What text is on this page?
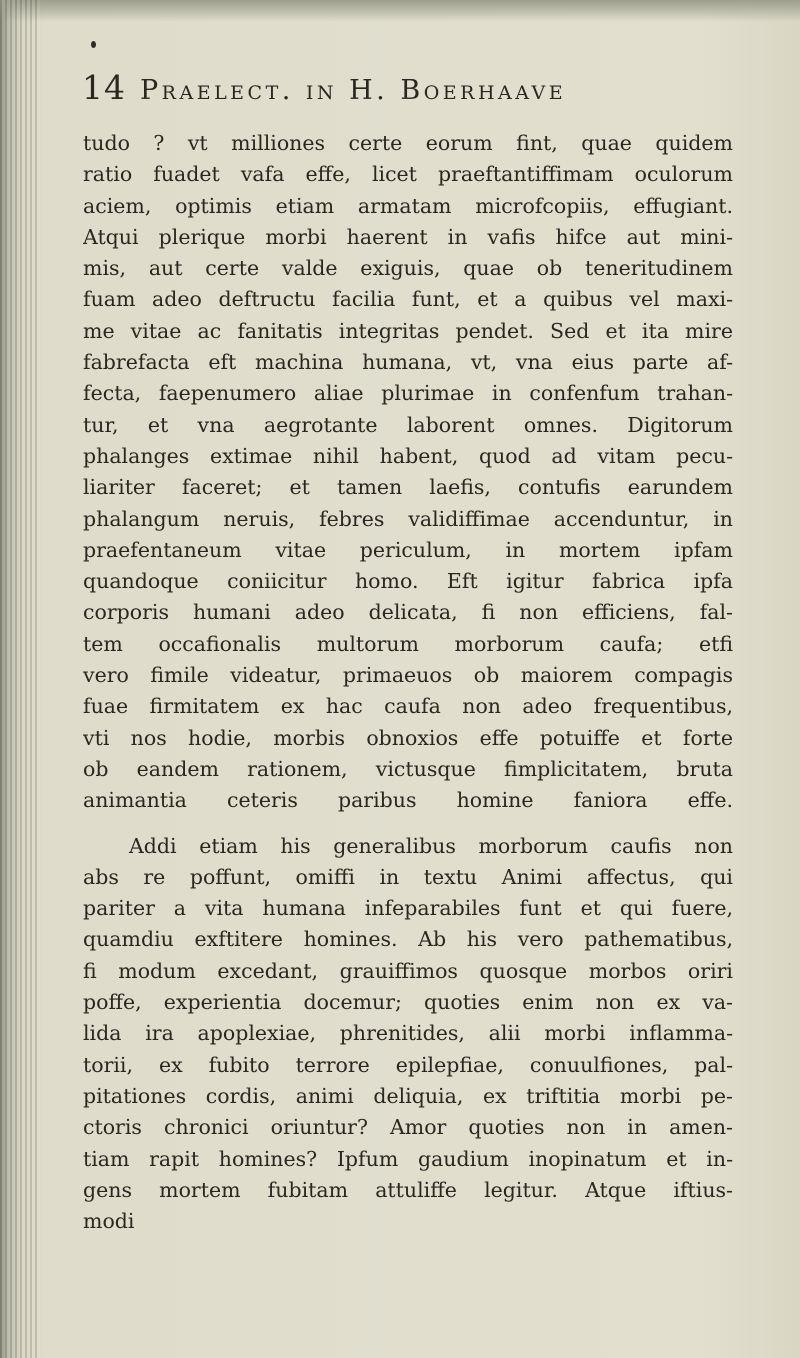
14 Praelect. in H. Boerhaave
tudo ? vt milliones certe eorum fint, quae quidem
ratio fuadet vafa effe, licet praeftantiffimam oculorum
aciem, optimis etiam armatam microfcopiis, effugiant.
Atqui plerique morbi haerent in vafis hifce aut mini-
mis, aut certe valde exiguis, quae ob teneritudinem
fuam adeo deftructu facilia funt, et a quibus vel maxi-
me vitae ac fanitatis integritas pendet. Sed et ita mire
fabrefacta eft machina humana, vt, vna eius parte af-
fecta, faepenumero aliae plurimae in confenfum trahan-
tur, et vna aegrotante laborent omnes. Digitorum
phalanges extimae nihil habent, quod ad vitam pecu-
liariter faceret; et tamen laefis, contufis earundem
phalangum neruis, febres validiffimae accenduntur, in
praefentaneum vitae periculum, in mortem ipfam
quandoque coniicitur homo. Eft igitur fabrica ipfa
corporis humani adeo delicata, fi non efficiens, fal-
tem occafionalis multorum morborum caufa; etfi
vero fimile videatur, primaeuos ob maiorem compagis
fuae firmitatem ex hac caufa non adeo frequentibus,
vti nos hodie, morbis obnoxios effe potuiffe et forte
ob eandem rationem, victusque fimplicitatem, bruta
animantia ceteris paribus homine faniora effe.
Addi etiam his generalibus morborum caufis non
abs re poffunt, omiffi in textu Animi affectus, qui
pariter a vita humana infeparabiles funt et qui fuere,
quamdiu exftitere homines. Ab his vero pathematibus,
fi modum excedant, grauiffimos quosque morbos oriri
poffe, experientia docemur; quoties enim non ex va-
lida ira apoplexiae, phrenitides, alii morbi inflamma-
torii, ex fubito terrore epilepfiae, conuulfiones, pal-
pitationes cordis, animi deliquia, ex triftitia morbi pe-
ctoris chronici oriuntur? Amor quoties non in amen-
tiam rapit homines? Ipfum gaudium inopinatum et in-
gens mortem fubitam attuliffe legitur. Atque iftius-
modi
